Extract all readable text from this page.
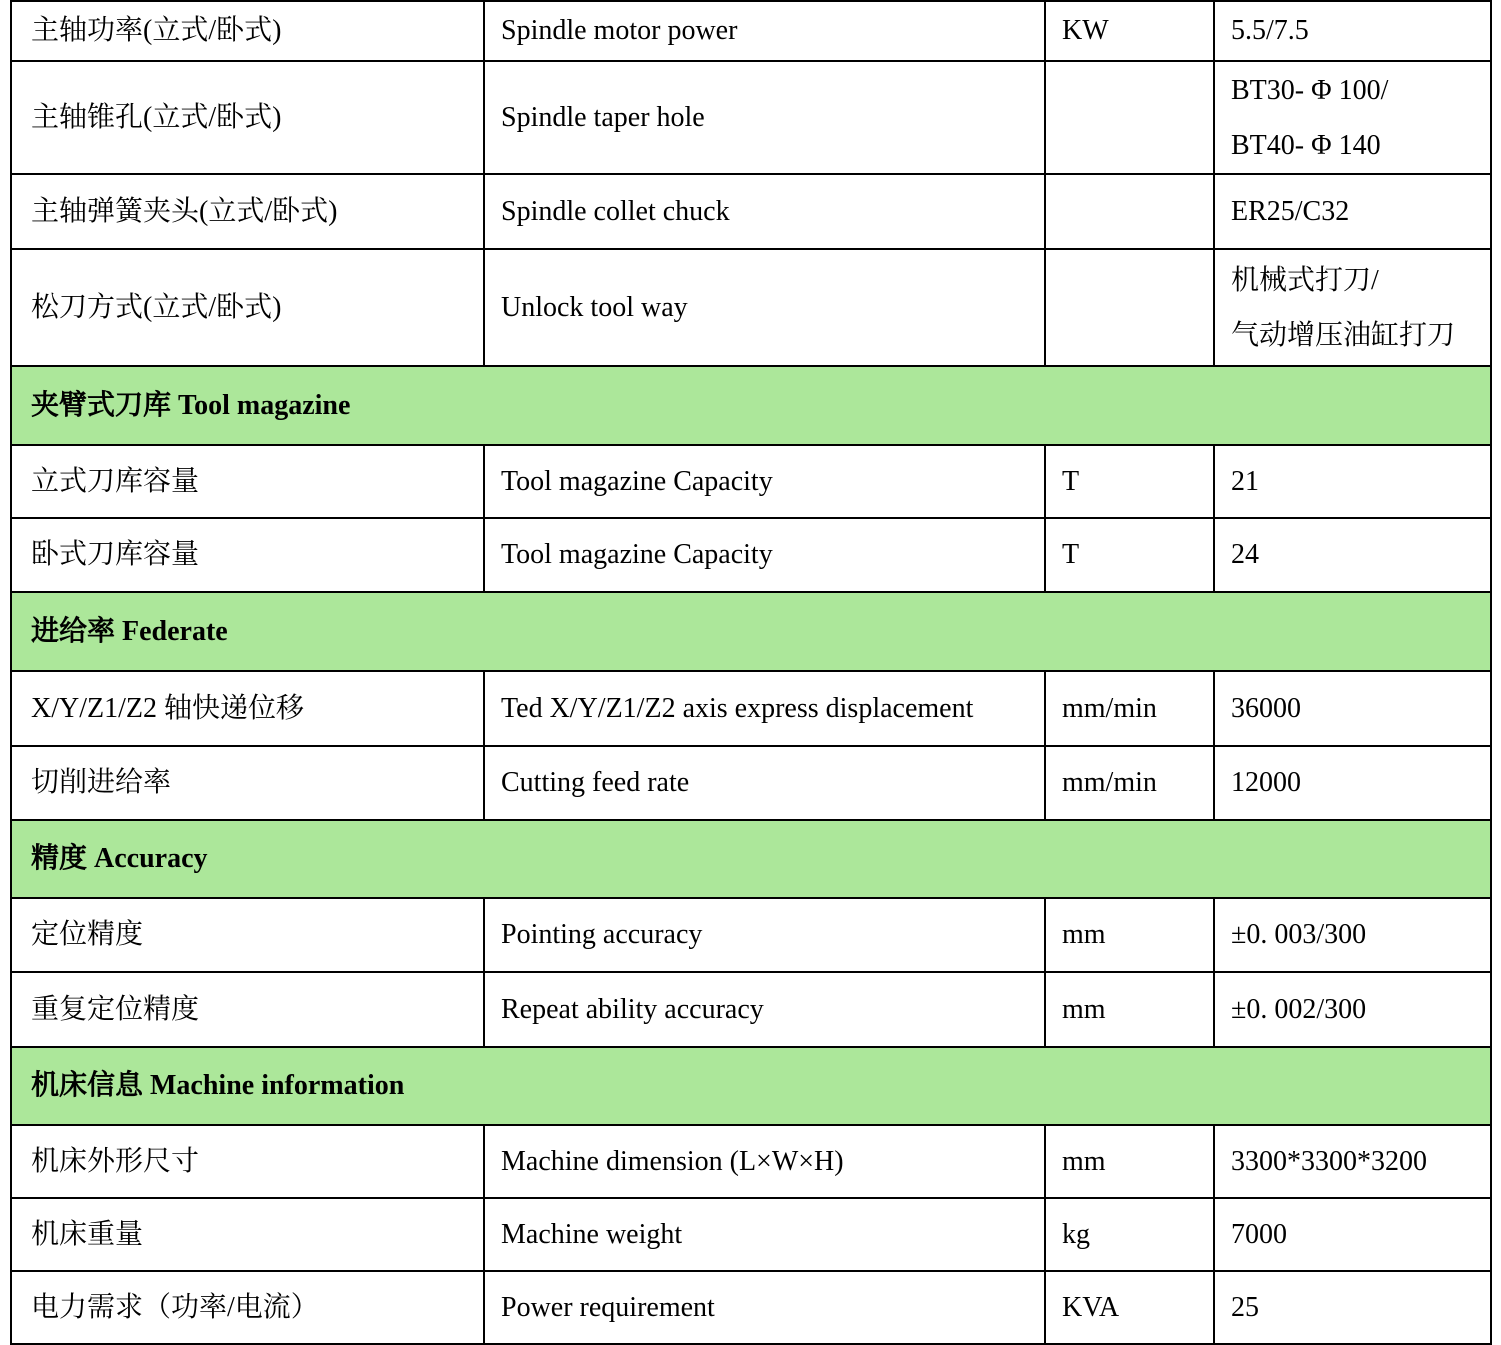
主轴功率(立式/卧式)	Spindle motor power	KW	5.5/7.5
主轴锥孔(立式/卧式)	Spindle taper hole		BT30- Φ 100/
BT40- Φ 140

主轴弹簧夹头(立式/卧式)	Spindle collet chuck		ER25/C32
松刀方式(立式/卧式)	Unlock tool way		机械式打刀/
气动增压油缸打刀

夹臂式刀库 Tool magazine			
立式刀库容量	Tool magazine Capacity	T	21
卧式刀库容量	Tool magazine Capacity	T	24
进给率 Federate			
X/Y/Z1/Z2 轴快递位移	Ted X/Y/Z1/Z2 axis express displacement	mm/min	36000
切削进给率	Cutting feed rate	mm/min	12000
精度 Accuracy			
定位精度	Pointing accuracy	mm	±0. 003/300
重复定位精度	Repeat ability accuracy	mm	±0. 002/300
机床信息 Machine information			
机床外形尺寸	Machine dimension (L×W×H)	mm	3300*3300*3200
机床重量	Machine weight	kg	7000
电力需求（功率/电流）	Power requirement	KVA	25
